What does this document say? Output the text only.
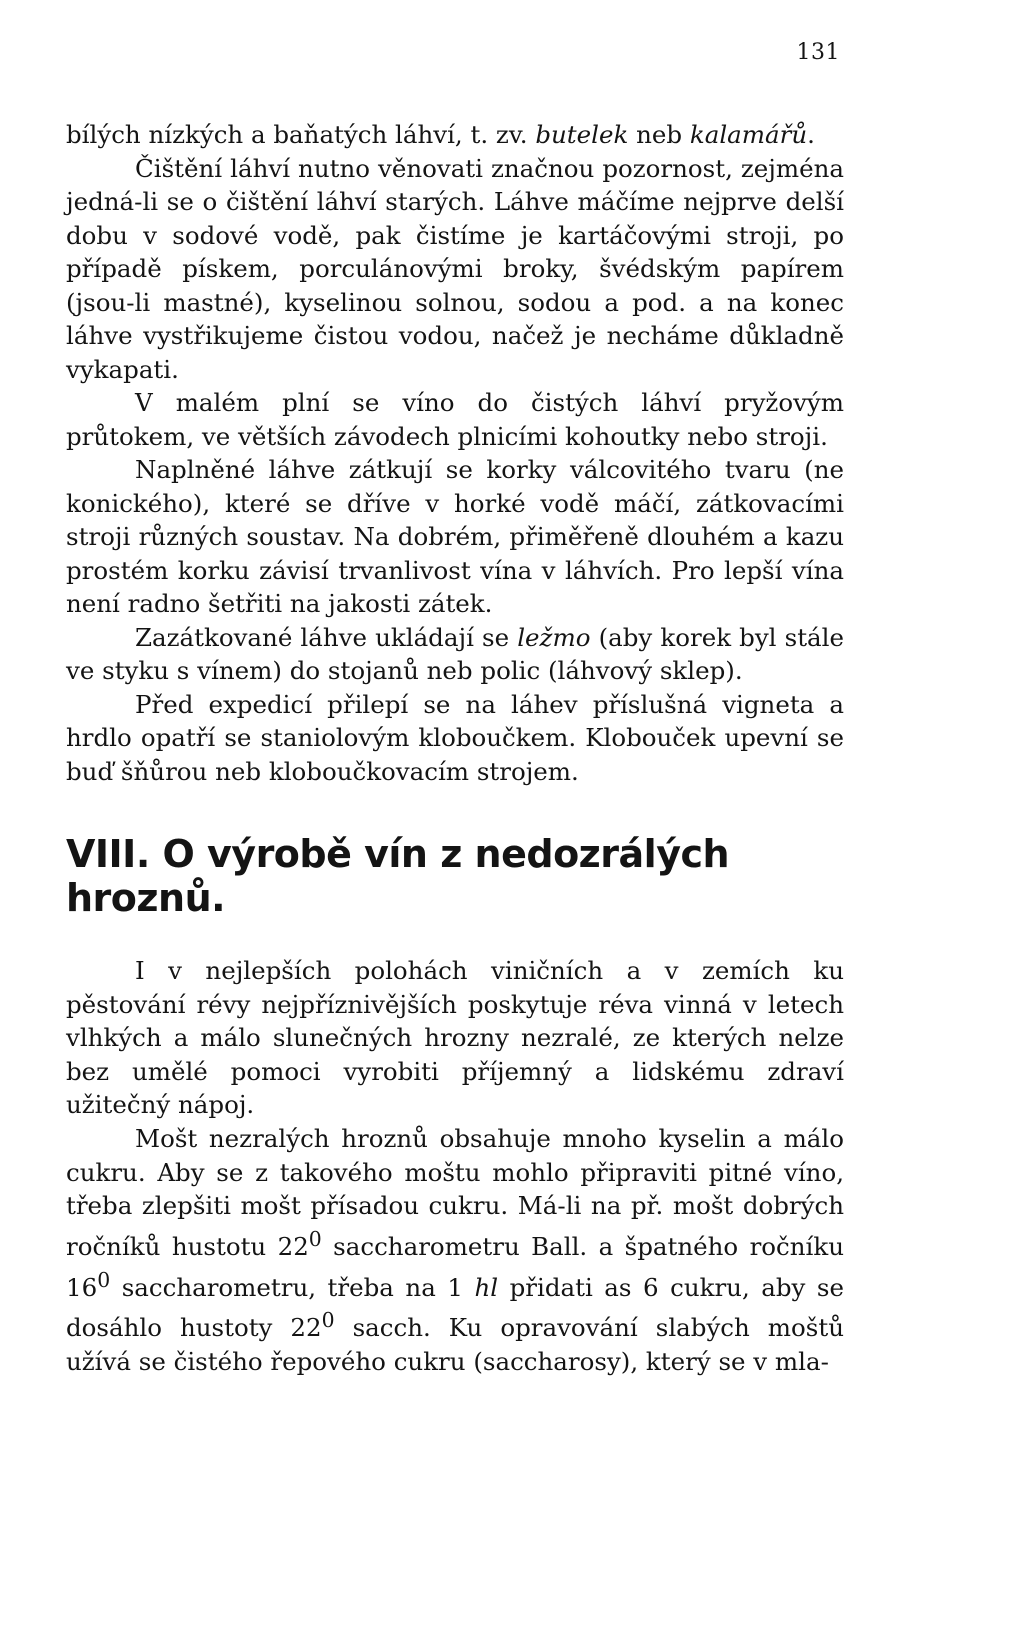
131

bílých nízkých a baňatých láhví, t. zv. butelek neb kalamářů.

Čištění láhví nutno věnovati značnou pozornost, zejména jedná-li se o čištění láhví starých. Láhve máčíme nejprve delší dobu v sodové vodě, pak čistíme je kartáčovými stroji, po případě pískem, porculánovými broky, švédským papírem (jsou-li mastné), kyselinou solnou, sodou a pod. a na konec láhve vystřikujeme čistou vodou, načež je necháme důkladně vykapati.

V malém plní se víno do čistých láhví pryžovým průtokem, ve větších závodech plnicími kohoutky nebo stroji.

Naplněné láhve zátkují se korky válcovitého tvaru (ne konického), které se dříve v horké vodě máčí, zátkovacími stroji různých soustav. Na dobrém, přiměřeně dlouhém a kazu prostém korku závisí trvanlivost vína v láhvích. Pro lepší vína není radno šetřiti na jakosti zátek.

Zazátkované láhve ukládají se ležmo (aby korek byl stále ve styku s vínem) do stojanů neb polic (láhvový sklep).

Před expedicí přilepí se na láhev příslušná vigneta a hrdlo opatří se staniolovým kloboučkem. Klobouček upevní se buď šňůrou neb kloboučkovacím strojem.

VIII. O výrobě vín z nedozrálých hroznů.

I v nejlepších polohách viničních a v zemích ku pěstování révy nejpříznivějších poskytuje réva vinná v letech vlhkých a málo slunečných hrozny nezralé, ze kterých nelze bez umělé pomoci vyrobiti příjemný a lidskému zdraví užitečný nápoj.

Mošt nezralých hroznů obsahuje mnoho kyselin a málo cukru. Aby se z takového moštu mohlo připraviti pitné víno, třeba zlepšiti mošt přísadou cukru. Má-li na př. mošt dobrých ročníků hustotu $22^0$ saccharometru Ball. a špatného ročníku $16^0$ saccharometru, třeba na 1 hl přidati as 6 cukru, aby se dosáhlo hustoty $22^0$ sacch. Ku opravování slabých moštů užívá se čistého řepového cukru (saccharosy), který se v mla-
